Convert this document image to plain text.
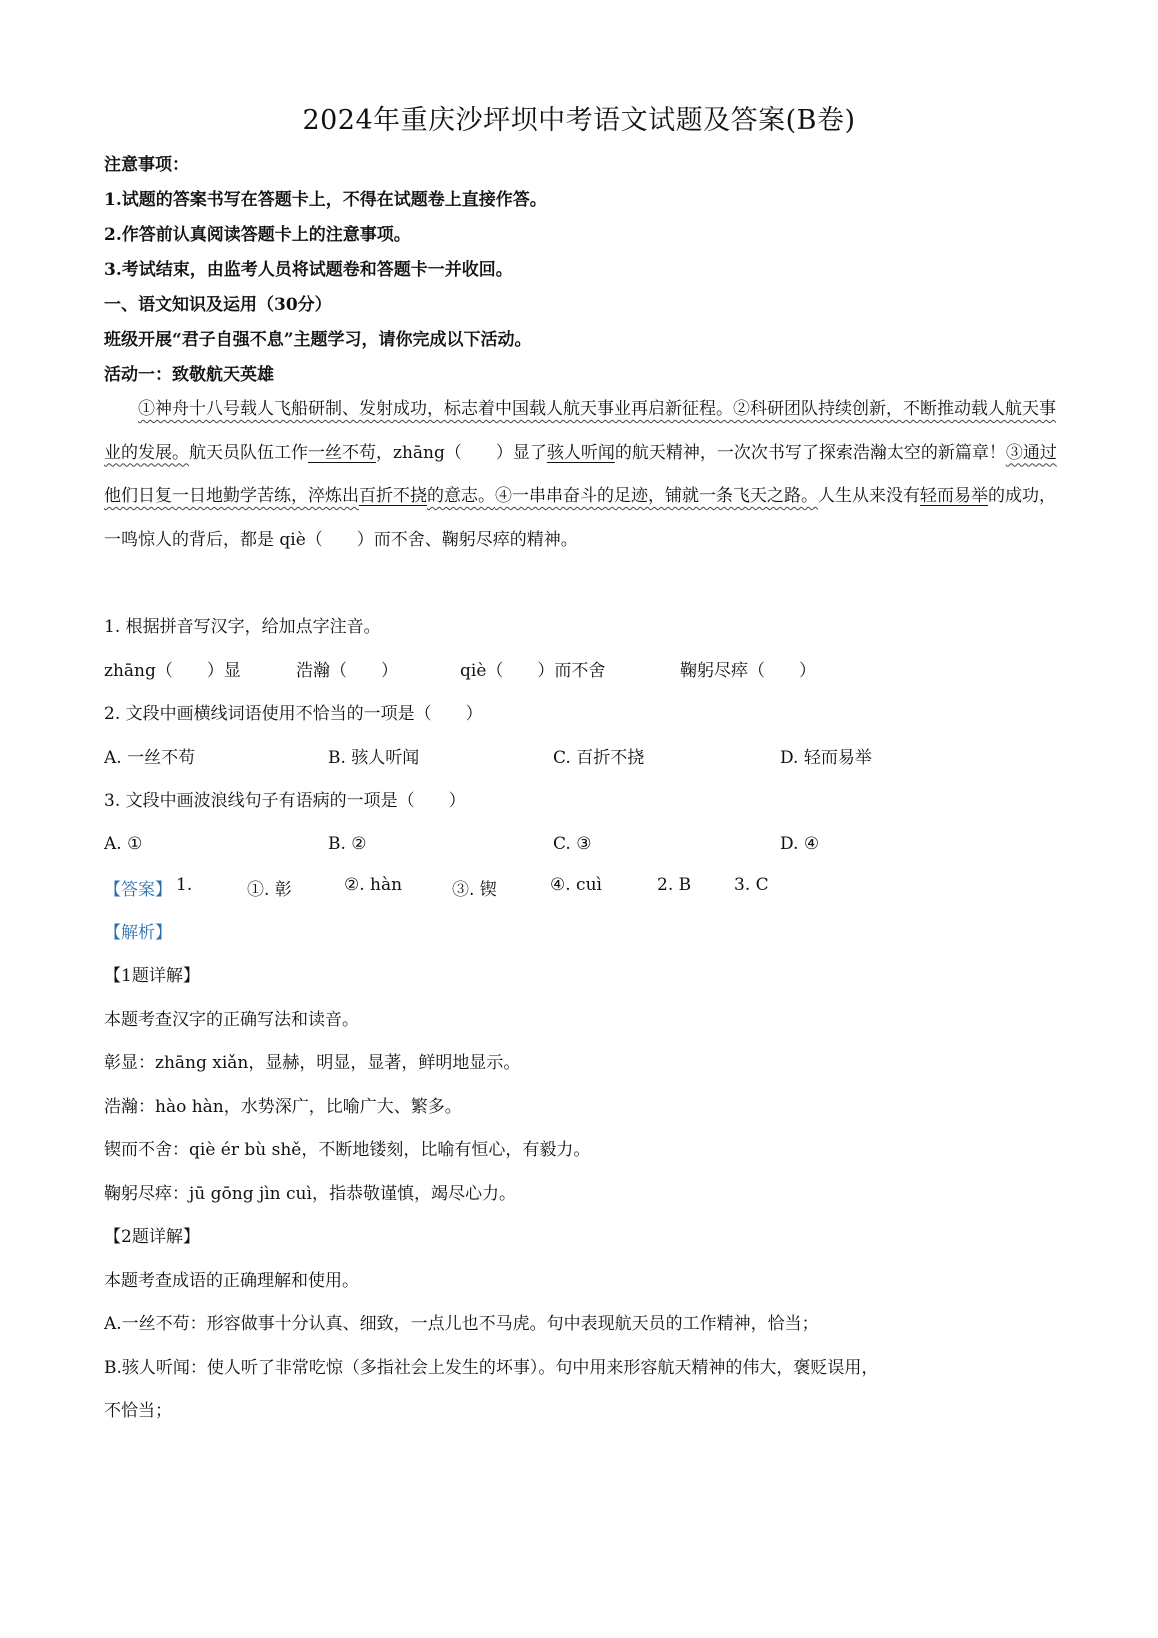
2024年重庆沙坪坝中考语文试题及答案(B卷)
注意事项：
1.试题的答案书写在答题卡上，不得在试题卷上直接作答。
2.作答前认真阅读答题卡上的注意事项。
3.考试结束，由监考人员将试题卷和答题卡一并收回。
一、语文知识及运用（30分）
班级开展“君子自强不息”主题学习，请你完成以下活动。
活动一：致敬航天英雄
①神舟十八号载人飞船研制、发射成功，标志着中国载人航天事业再启新征程。②科研团队持续创新，不断推动载人航天事业的发展。航天员队伍工作一丝不苟，zhāng（　　）显了骇人听闻的航天精神，一次次书写了探索浩瀚太空的新篇章！③通过他们日复一日地勤学苦练，淬炼出百折不挠的意志。④一串串奋斗的足迹，铺就一条飞天之路。人生从来没有轻而易举的成功，一鸣惊人的背后，都是 qiè（　　）而不舍、鞠躬尽瘁的精神。
1. 根据拼音写汉字，给加点字注音。
zhāng（　　）显	浩瀚（　　）	qiè（　　）而不舍	鞠躬尽瘁（　　）
2. 文段中画横线词语使用不恰当的一项是（　　）
A. 一丝不苟	B. 骇人听闻	C. 百折不挠	D. 轻而易举
3. 文段中画波浪线句子有语病的一项是（　　）
A. ①	B. ②	C. ③	D. ④
【答案】 1.	①. 彰	②. hàn	③. 锲	④. cuì	2. B	3. C
【解析】
【1题详解】
本题考查汉字的正确写法和读音。
彰显：zhāng xiǎn，显赫，明显，显著，鲜明地显示。
浩瀚：hào hàn，水势深广，比喻广大、繁多。
锲而不舍：qiè ér bù shě，不断地镂刻，比喻有恒心，有毅力。
鞠躬尽瘁：jū gōng jìn cuì，指恭敬谨慎，竭尽心力。
【2题详解】
本题考查成语的正确理解和使用。
A.一丝不苟：形容做事十分认真、细致，一点儿也不马虎。句中表现航天员的工作精神，恰当；
B.骇人听闻：使人听了非常吃惊（多指社会上发生的坏事）。句中用来形容航天精神的伟大，褒贬误用，
不恰当；
